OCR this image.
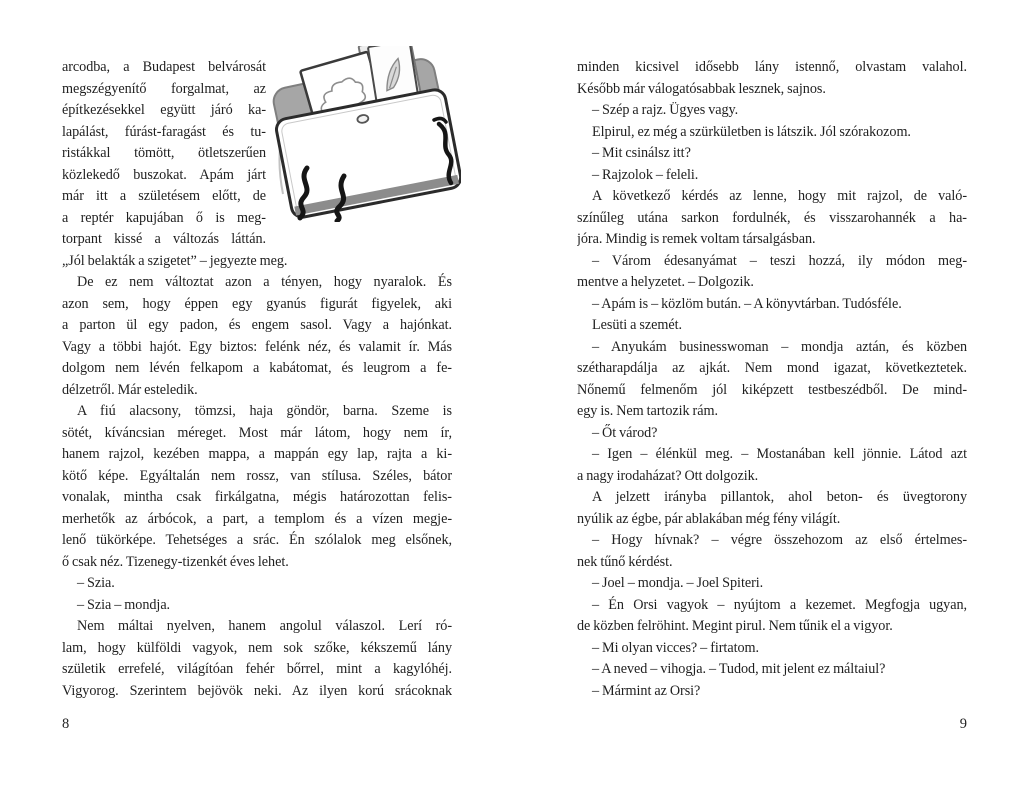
arcodba, a Budapest belvárosát
megszégyenítő forgalmat, az
építkezésekkel együtt járó ka-
lapálást, fúrást-faragást és tu-
ristákkal tömött, ötletszerűen
közlekedő buszokat. Apám járt
már itt a születésem előtt, de
a reptér kapujában ő is meg-
torpant kissé a változás láttán.
„Jól belakták a szigetet” – jegyezte meg.
De ez nem változtat azon a tényen, hogy nyaralok. És
azon sem, hogy éppen egy gyanús figurát figyelek, aki
a parton ül egy padon, és engem sasol. Vagy a hajónkat.
Vagy a többi hajót. Egy biztos: felénk néz, és valamit ír. Más
dolgom nem lévén felkapom a kabátomat, és leugrom a fe-
délzetről. Már esteledik.
A fiú alacsony, tömzsi, haja göndör, barna. Szeme is
sötét, kíváncsian méreget. Most már látom, hogy nem ír,
hanem rajzol, kezében mappa, a mappán egy lap, rajta a ki-
kötő képe. Egyáltalán nem rossz, van stílusa. Széles, bátor
vonalak, mintha csak firkálgatna, mégis határozottan felis-
merhetők az árbócok, a part, a templom és a vízen megje-
lenő tükörképe. Tehetséges a srác. Én szólalok meg elsőnek,
ő csak néz. Tizenegy-tizenkét éves lehet.
– Szia.
– Szia – mondja.
Nem máltai nyelven, hanem angolul válaszol. Lerí ró-
lam, hogy külföldi vagyok, nem sok szőke, kékszemű lány
születik errefelé, világítóan fehér bőrrel, mint a kagylóhéj.
Vigyorog. Szerintem bejövök neki. Az ilyen korú srácoknak
minden kicsivel idősebb lány istennő, olvastam valahol.
Később már válogatósabbak lesznek, sajnos.
– Szép a rajz. Ügyes vagy.
Elpirul, ez még a szürkületben is látszik. Jól szórakozom.
– Mit csinálsz itt?
– Rajzolok – feleli.
A következő kérdés az lenne, hogy mit rajzol, de való-
színűleg utána sarkon fordulnék, és visszarohannék a ha-
jóra. Mindig is remek voltam társalgásban.
– Várom édesanyámat – teszi hozzá, ily módon meg-
mentve a helyzetet. – Dolgozik.
– Apám is – közlöm bután. – A könyvtárban. Tudósféle.
Lesüti a szemét.
– Anyukám businesswoman – mondja aztán, és közben
szétharapdálja az ajkát. Nem mond igazat, következtetek.
Nőnemű felmenőm jól kiképzett testbeszédből. De mind-
egy is. Nem tartozik rám.
– Őt várod?
– Igen – élénkül meg. – Mostanában kell jönnie. Látod azt
a nagy irodaházat? Ott dolgozik.
A jelzett irányba pillantok, ahol beton- és üvegtorony
nyúlik az égbe, pár ablakában még fény világít.
– Hogy hívnak? – végre összehozom az első értelmes-
nek tűnő kérdést.
– Joel – mondja. – Joel Spiteri.
– Én Orsi vagyok – nyújtom a kezemet. Megfogja ugyan,
de közben felröhint. Megint pirul. Nem tűnik el a vigyor.
– Mi olyan vicces? – firtatom.
– A neved – vihogja. – Tudod, mit jelent ez máltaiul?
– Mármint az Orsi?
8	9
